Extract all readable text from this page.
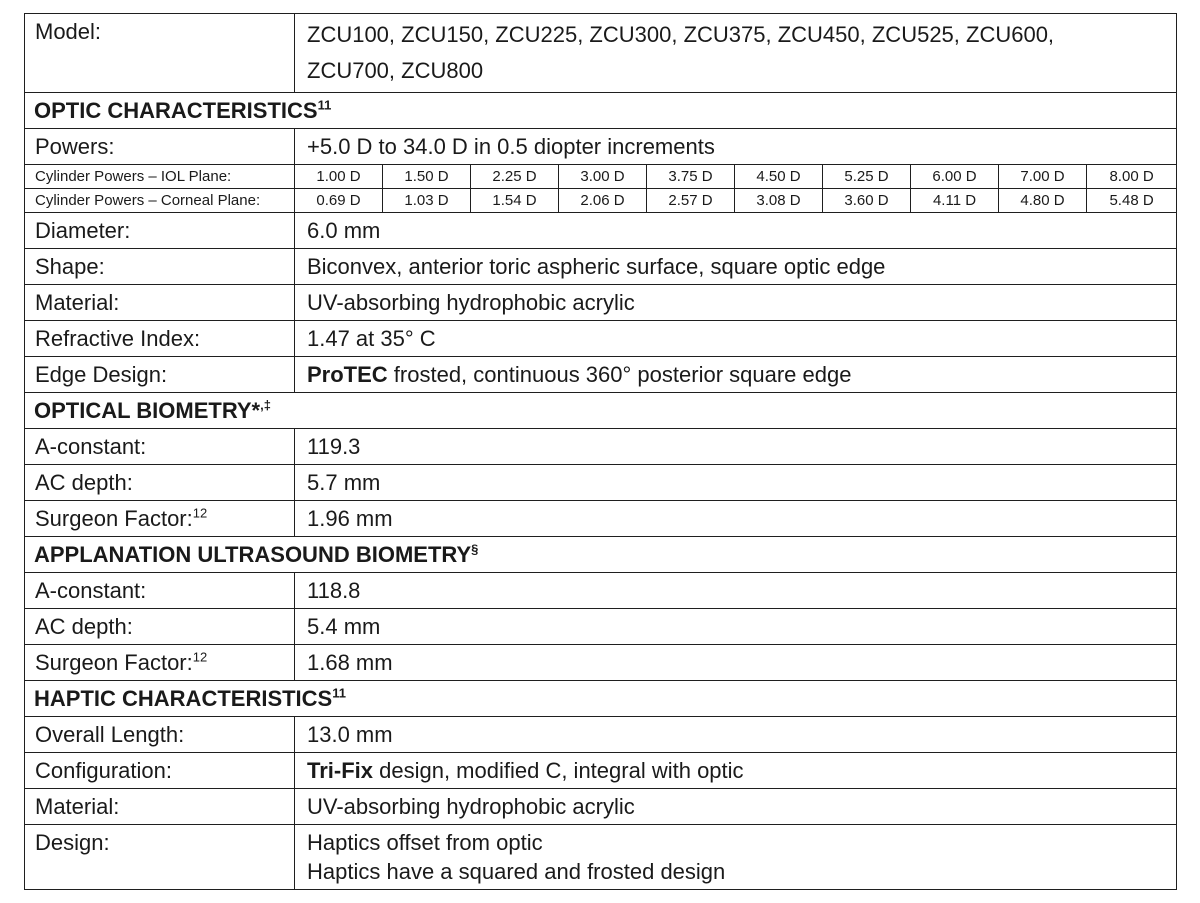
Model:	ZCU100, ZCU150, ZCU225, ZCU300, ZCU375, ZCU450, ZCU525, ZCU600,
ZCU700, ZCU800									

OPTIC CHARACTERISTICS$^{11}$
Powers:	+5.0 D to 34.0 D in 0.5 diopter increments									
Cylinder Powers – IOL Plane:	1.00 D	1.50 D	2.25 D	3.00 D	3.75 D	4.50 D	5.25 D	6.00 D	7.00 D	8.00 D
Cylinder Powers – Corneal Plane:	0.69 D	1.03 D	1.54 D	2.06 D	2.57 D	3.08 D	3.60 D	4.11 D	4.80 D	5.48 D
Diameter:	6.0 mm									
Shape:	Biconvex, anterior toric aspheric surface, square optic edge									
Material:	UV-absorbing hydrophobic acrylic									
Refractive Index:	1.47 at 35° C									
Edge Design:	ProTEC frosted, continuous 360° posterior square edge									
OPTICAL BIOMETRY*,‡
A-constant:	119.3									
AC depth:	5.7 mm									
Surgeon Factor:$^{12}$	1.96 mm									
APPLANATION ULTRASOUND BIOMETRY§
A-constant:	118.8									
AC depth:	5.4 mm									
Surgeon Factor:$^{12}$	1.68 mm									
HAPTIC CHARACTERISTICS$^{11}$
Overall Length:	13.0 mm									
Configuration:	Tri-Fix design, modified C, integral with optic									
Material:	UV-absorbing hydrophobic acrylic									
Design:	Haptics offset from optic
Haptics have a squared and frosted design									
